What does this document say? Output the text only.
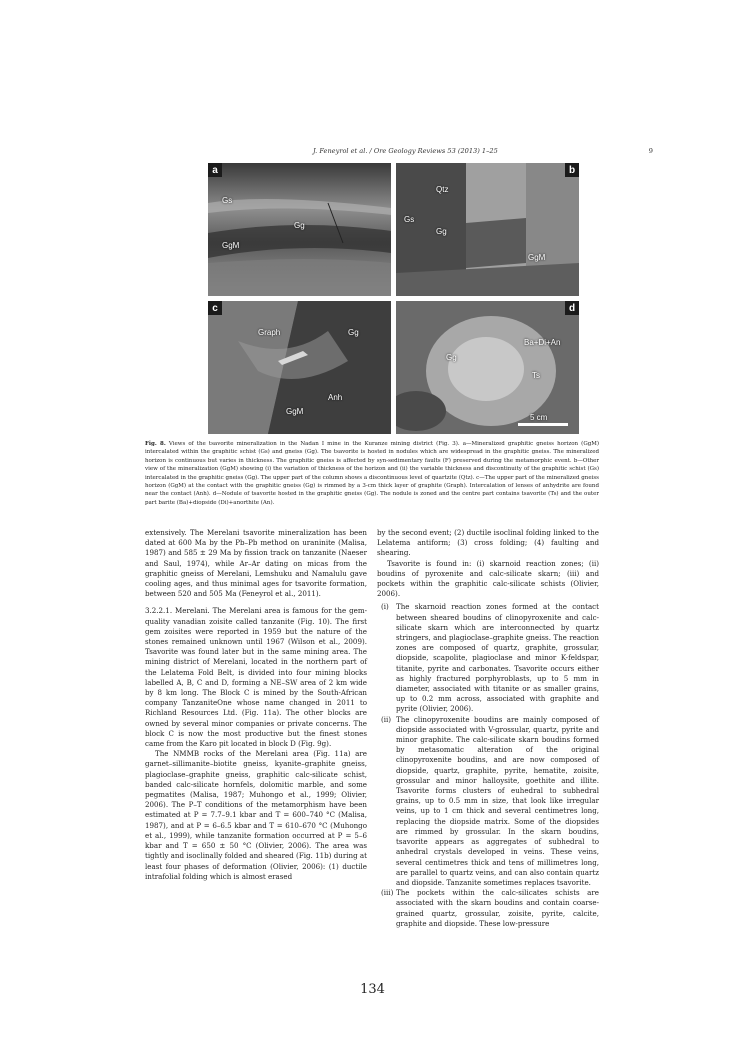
J. Feneyrol et al. / Ore Geology Reviews 53 (2013) 1–25	9
a
Gs
Gg
GgM
b
Qtz
Gs
Gg
GgM
c
Graph	Gg
Anh
GgM
d
Gg
Ba+Di+An
Ts
5 cm
Fig. 8. Views of the tsavorite mineralization in the Nadan I mine in the Kuranze mining district (Fig. 3). a—Mineralized graphitic gneiss horizon (GgM) intercalated within the graphitic schist (Gs) and gneiss (Gg). The tsavorite is hosted in nodules which are widespread in the graphitic gneiss. The mineralized horizon is continuous but varies in thickness. The graphitic gneiss is affected by syn-sedimentary faults (F) preserved during the metamorphic event. b—Other view of the mineralization (GgM) showing (i) the variation of thickness of the horizon and (ii) the variable thickness and discontinuity of the graphitic schist (Gs) intercalated in the graphitic gneiss (Gg). The upper part of the column shows a discontinuous level of quartzite (Qtz). c—The upper part of the mineralized gneiss horizon (GgM) at the contact with the graphitic gneiss (Gg) is rimmed by a 3-cm thick layer of graphite (Graph). Intercalation of lenses of anhydrite are found near the contact (Anh). d—Nodule of tsavorite hosted in the graphitic gneiss (Gg). The nodule is zoned and the centre part contains tsavorite (Ts) and the outer part barite (Ba)+diopside (Di)+anorthite (An).

extensively. The Merelani tsavorite mineralization has been dated at 600 Ma by the Pb–Pb method on uraninite (Malisa, 1987) and 585 ± 29 Ma by fission track on tanzanite (Naeser and Saul, 1974), while Ar–Ar dating on micas from the graphitic gneiss of Merelani, Lemshuku and Namalulu gave cooling ages, and thus minimal ages for tsavorite formation, between 520 and 505 Ma (Feneyrol et al., 2011).

3.2.2.1. Merelani. The Merelani area is famous for the gem-quality vanadian zoisite called tanzanite (Fig. 10). The first gem zoisites were reported in 1959 but the nature of the stones remained unknown until 1967 (Wilson et al., 2009). Tsavorite was found later but in the same mining area. The mining district of Merelani, located in the northern part of the Lelatema Fold Belt, is divided into four mining blocks labelled A, B, C and D, forming a NE–SW area of 2 km wide by 8 km long. The Block C is mined by the South-African company TanzaniteOne whose name changed in 2011 to Richland Resources Ltd. (Fig. 11a). The other blocks are owned by several minor companies or private concerns. The block C is now the most productive but the finest stones came from the Karo pit located in block D (Fig. 9g).

The NMMB rocks of the Merelani area (Fig. 11a) are garnet–sillimanite–biotite gneiss, kyanite–graphite gneiss, plagioclase–graphite gneiss, graphitic calc-silicate schist, banded calc-silicate hornfels, dolomitic marble, and some pegmatites (Malisa, 1987; Muhongo et al., 1999; Olivier, 2006). The P–T conditions of the metamorphism have been estimated at P = 7.7–9.1 kbar and T = 600–740 °C (Malisa, 1987), and at P = 6–6.5 kbar and T = 610–670 °C (Muhongo et al., 1999), while tanzanite formation occurred at P = 5–6 kbar and T = 650 ± 50 °C (Olivier, 2006). The area was tightly and isoclinally folded and sheared (Fig. 11b) during at least four phases of deformation (Olivier, 2006): (1) ductile intrafolial folding which is almost erased

by the second event; (2) ductile isoclinal folding linked to the Lelatema antiform; (3) cross folding; (4) faulting and shearing.

Tsavorite is found in: (i) skarnoid reaction zones; (ii) boudins of pyroxenite and calc-silicate skarn; (iii) and pockets within the graphitic calc-silicate schists (Olivier, 2006).

(i)	The skarnoid reaction zones formed at the contact between sheared boudins of clinopyroxenite and calc-silicate skarn which are interconnected by quartz stringers, and plagioclase–graphite gneiss. The reaction zones are composed of quartz, graphite, grossular, diopside, scapolite, plagioclase and minor K-feldspar, titanite, pyrite and carbonates. Tsavorite occurs either as highly fractured porphyroblasts, up to 5 mm in diameter, associated with titanite or as smaller grains, up to 0.2 mm across, associated with graphite and pyrite (Olivier, 2006).
(ii) The clinopyroxenite boudins are mainly composed of diopside associated with V-grossular, quartz, pyrite and minor graphite. The calc-silicate skarn boudins formed by metasomatic alteration of the original clinopyroxenite boudins, and are now composed of diopside, quartz, graphite, pyrite, hematite, zoisite, grossular and minor halloysite, goethite and illite. Tsavorite forms clusters of euhedral to subhedral grains, up to 0.5 mm in size, that look like irregular veins, up to 1 cm thick and several centimetres long, replacing the diopside matrix. Some of the diopsides are rimmed by grossular. In the skarn boudins, tsavorite appears as aggregates of subhedral to anhedral crystals developed in veins. These veins, several centimetres thick and tens of millimetres long, are parallel to quartz veins, and can also contain quartz and diopside. Tanzanite sometimes replaces tsavorite.
(iii) The pockets within the calc-silicates schists are associated with the skarn boudins and contain coarse-grained quartz, grossular, zoisite, pyrite, calcite, graphite and diopside. These low-pressure
134
